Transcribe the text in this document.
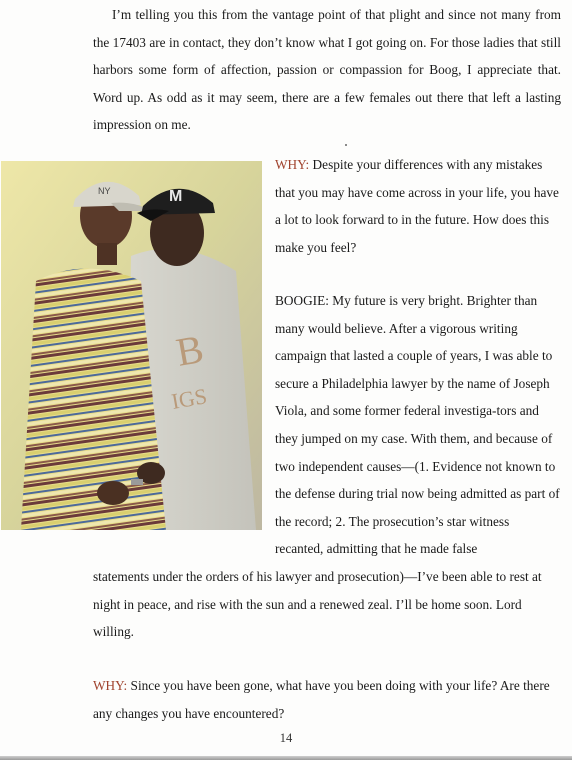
I’m telling you this from the vantage point of that plight and since not many from the 17403 are in contact, they don’t know what I got going on. For those ladies that still harbors some form of affection, passion or compassion for Boog, I appreciate that. Word up. As odd as it may seem, there are a few females out there that left a lasting impression on me.

B
IGS
NY	M

WHY: Despite your differences with any mistakes that you may have come across in your life, you have a lot to look forward to in the future. How does this make you feel?

BOOGIE: My future is very bright. Brighter than many would believe. After a vigorous writing campaign that lasted a couple of years, I was able to secure a Philadelphia lawyer by the name of Joseph Viola, and some former federal investiga-tors and they jumped on my case. With them, and because of two independent causes—(1. Evidence not known to the defense during trial now being admitted as part of the record; 2. The prosecution’s star witness recanted, admitting that he made false

statements under the orders of his lawyer and prosecution)—I’ve been able to rest at night in peace, and rise with the sun and a renewed zeal. I’ll be home soon. Lord willing.

WHY: Since you have been gone, what have you been doing with your life? Are there any changes you have encountered?

14
